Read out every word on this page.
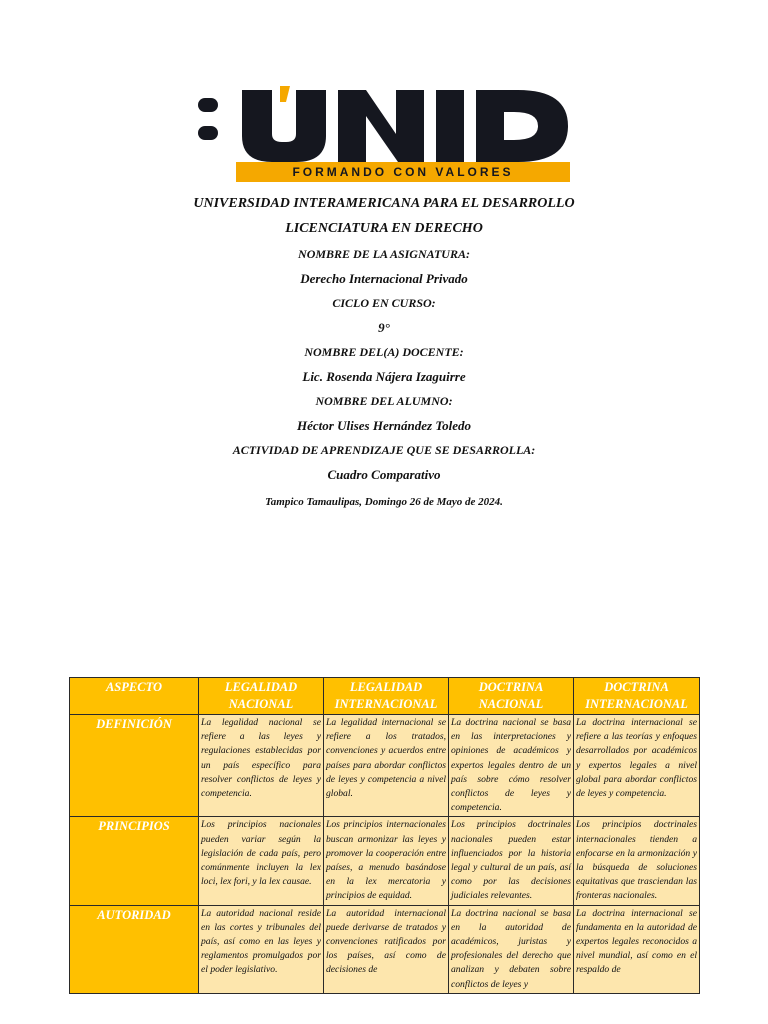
FORMANDO CON VALORES
UNIVERSIDAD INTERAMERICANA PARA EL DESARROLLO
LICENCIATURA EN DERECHO
NOMBRE DE LA ASIGNATURA:
Derecho Internacional Privado
CICLO EN CURSO:
9°
NOMBRE DEL(A) DOCENTE:
Lic. Rosenda Nájera Izaguirre
NOMBRE DEL ALUMNO:
Héctor Ulises Hernández Toledo
ACTIVIDAD DE APRENDIZAJE QUE SE DESARROLLA:
Cuadro Comparativo
Tampico Tamaulipas, Domingo 26 de Mayo de 2024.
ASPECTO	LEGALIDAD NACIONAL	LEGALIDAD INTERNACIONAL	DOCTRINA NACIONAL	DOCTRINA INTERNACIONAL
DEFINICIÓN	La legalidad nacional se refiere a las leyes y regulaciones establecidas por un país específico para resolver conflictos de leyes y competencia.	La legalidad internacional se refiere a los tratados, convenciones y acuerdos entre países para abordar conflictos de leyes y competencia a nivel global.	La doctrina nacional se basa en las interpretaciones y opiniones de académicos y expertos legales dentro de un país sobre cómo resolver conflictos de leyes y competencia.	La doctrina internacional se refiere a las teorías y enfoques desarrollados por académicos y expertos legales a nivel global para abordar conflictos de leyes y competencia.
PRINCIPIOS	Los principios nacionales pueden variar según la legislación de cada país, pero comúnmente incluyen la lex loci, lex fori, y la lex causae.	Los principios internacionales buscan armonizar las leyes y promover la cooperación entre países, a menudo basándose en la lex mercatoria y principios de equidad.	Los principios doctrinales nacionales pueden estar influenciados por la historia legal y cultural de un país, así como por las decisiones judiciales relevantes.	Los principios doctrinales internacionales tienden a enfocarse en la armonización y la búsqueda de soluciones equitativas que trasciendan las fronteras nacionales.
AUTORIDAD	La autoridad nacional reside en las cortes y tribunales del país, así como en las leyes y reglamentos promulgados por el poder legislativo.	La autoridad internacional puede derivarse de tratados y convenciones ratificados por los países, así como de decisiones de	La doctrina nacional se basa en la autoridad de académicos, juristas y profesionales del derecho que analizan y debaten sobre conflictos de leyes y	La doctrina internacional se fundamenta en la autoridad de expertos legales reconocidos a nivel mundial, así como en el respaldo de
